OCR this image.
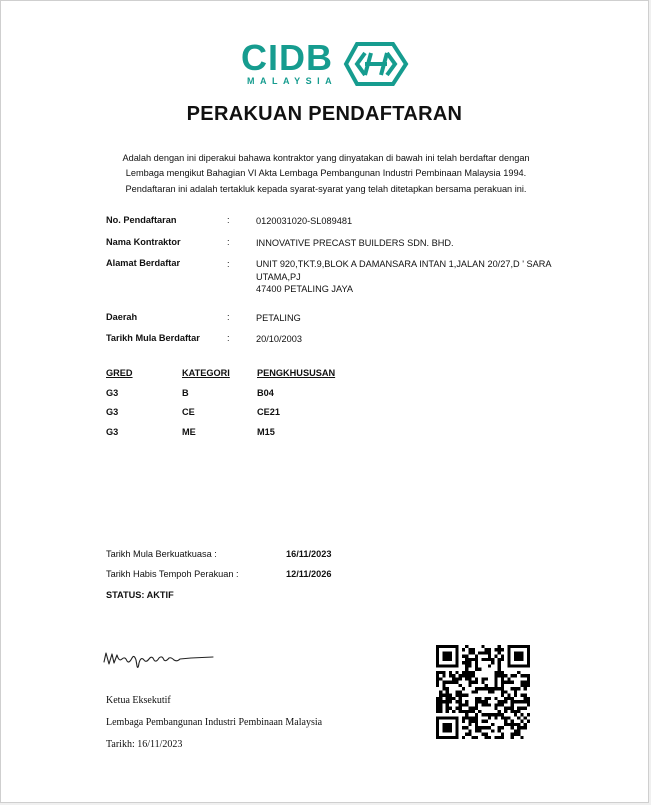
CIDB
MALAYSIA
PERAKUAN PENDAFTARAN
Adalah dengan ini diperakui bahawa kontraktor yang dinyatakan di bawah ini telah berdaftar dengan
Lembaga mengikut Bahagian VI Akta Lembaga Pembangunan Industri Pembinaan Malaysia 1994.
Pendaftaran ini adalah tertakluk kepada syarat-syarat yang telah ditetapkan bersama perakuan ini.
No. Pendaftaran	:	0120031020-SL089481
Nama Kontraktor	:	INNOVATIVE PRECAST BUILDERS SDN. BHD.
Alamat Berdaftar	:	UNIT 920,TKT.9,BLOK A DAMANSARA INTAN 1,JALAN 20/27,D ' SARA
UTAMA,PJ
47400 PETALING JAYA
Daerah	:	PETALING
Tarikh Mula Berdaftar	:	20/10/2003
GRED	KATEGORI	PENGKHUSUSAN
G3	B	B04
G3	CE	CE21
G3	ME	M15
Tarikh Mula Berkuatkuasa :	16/11/2023
Tarikh Habis Tempoh Perakuan :	12/11/2026
STATUS: AKTIF
Ketua Eksekutif
Lembaga Pembangunan Industri Pembinaan Malaysia
Tarikh: 16/11/2023
